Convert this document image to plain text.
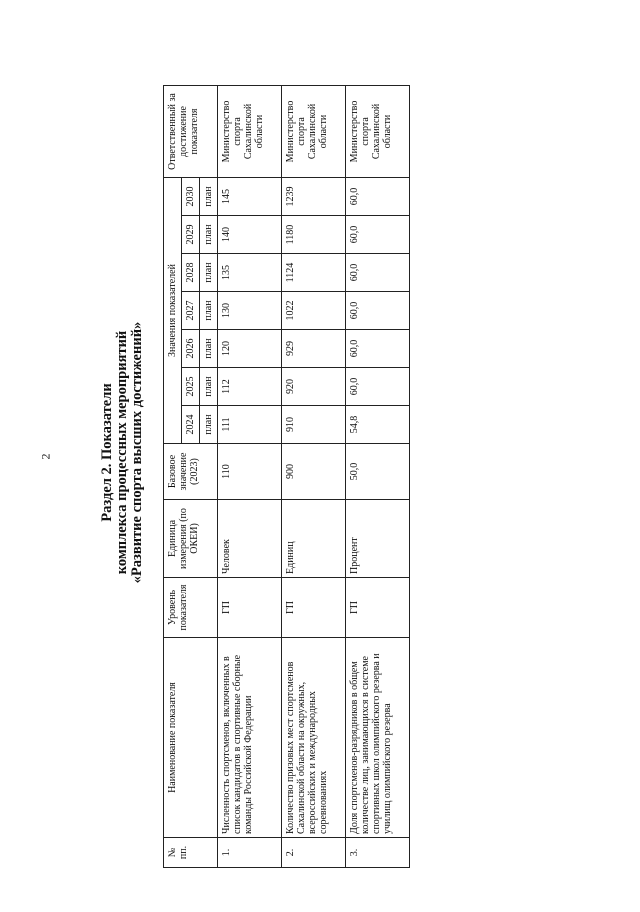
2	Раздел 2. Показатели комплекса процессных мероприятий «Развитие спорта высших достижений»
№ пп.	Наименование показателя	Уровень показателя	Единица измерения (по ОКЕИ)	Базовое значение (2023)	Значения показателей							Ответственный за достижение показателя
					2024	2025	2026	2027	2028	2029	2030	
					план	план	план	план	план	план	план	
1.	Численность спортсменов, включенных в список кандидатов в спортивные сборные команды Российской Федерации	ГП	Человек	110	111	112	120	130	135	140	145	Министерство спорта Сахалинской области
2.	Количество призовых мест спортсменов Сахалинской области на окружных, всероссийских и международных соревнованиях	ГП	Единиц	900	910	920	929	1022	1124	1180	1239	Министерство спорта Сахалинской области
3.	Доля спортсменов-разрядников в общем количестве лиц, занимающихся в системе спортивных школ олимпийского резерва и училищ олимпийского резерва	ГП	Процент	50,0	54,8	60,0	60,0	60,0	60,0	60,0	60,0	Министерство спорта Сахалинской области
